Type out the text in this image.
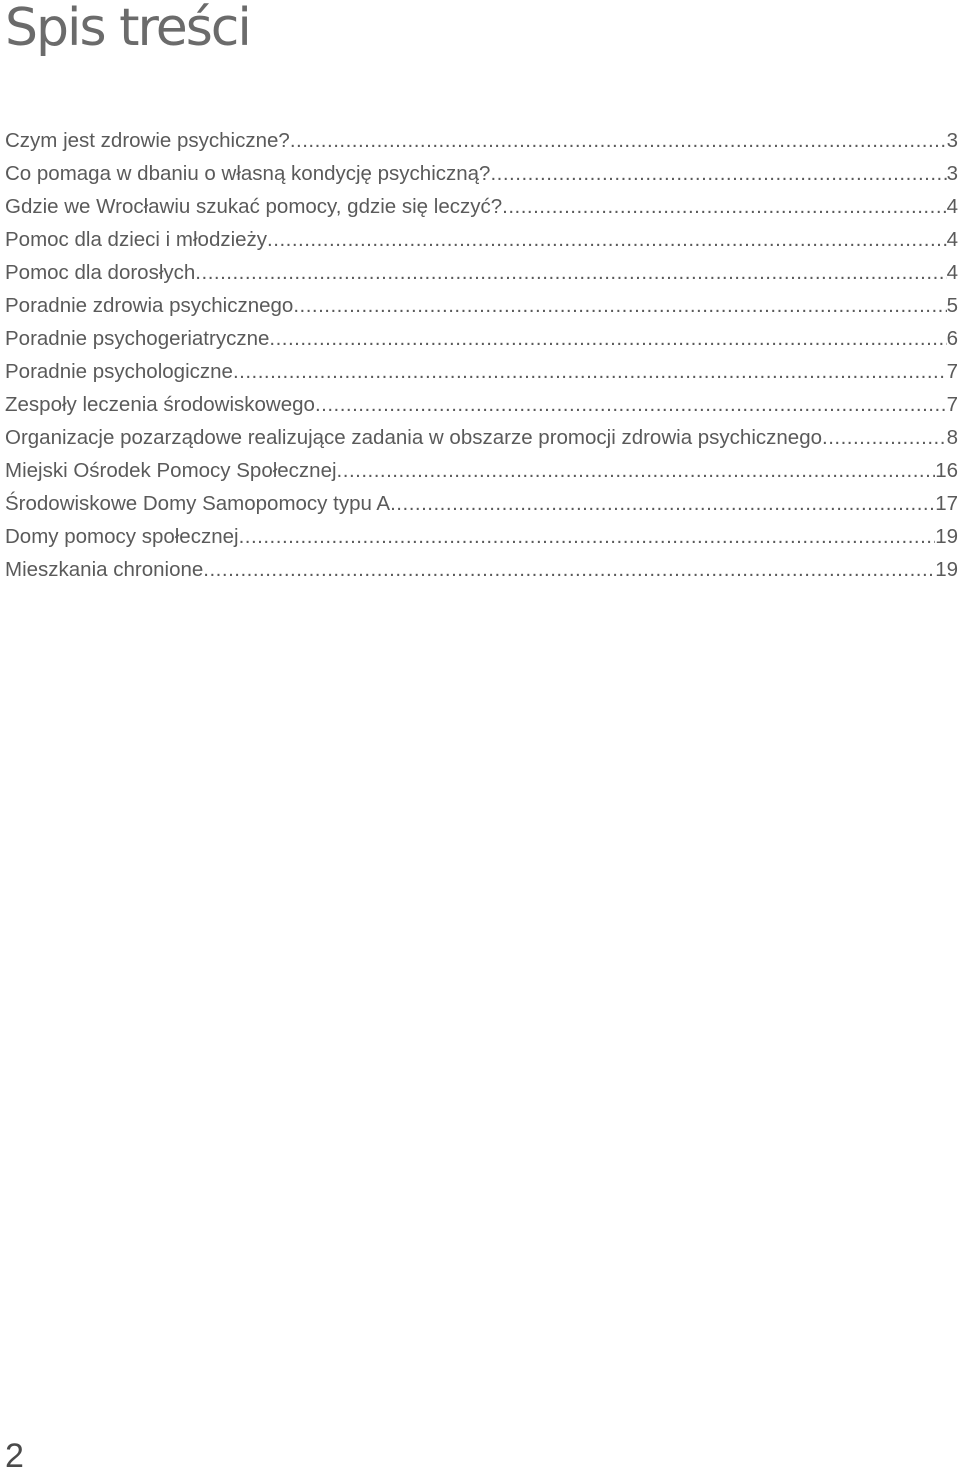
Spis treści
Czym jest zdrowie psychiczne? .....	3
Co pomaga w dbaniu o własną kondycję psychiczną? .....	3
Gdzie we Wrocławiu szukać pomocy, gdzie się leczyć? .....	4
Pomoc dla dzieci i młodzieży .....	4
Pomoc dla dorosłych .....	4
Poradnie zdrowia psychicznego .....	5
Poradnie psychogeriatryczne .....	6
Poradnie psychologiczne .....	7
Zespoły leczenia środowiskowego .....	7
Organizacje pozarządowe realizujące zadania w obszarze promocji zdrowia psychicznego .....	8
Miejski Ośrodek Pomocy Społecznej .....	16
Środowiskowe Domy Samopomocy typu A .....	17
Domy pomocy społecznej .....	19
Mieszkania chronione .....	19
2
